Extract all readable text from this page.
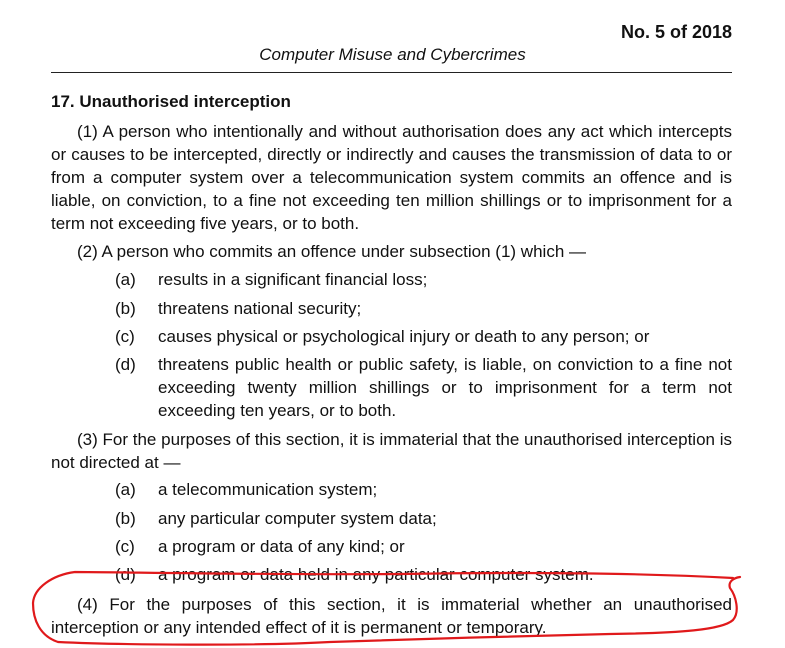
No. 5 of 2018
Computer Misuse and Cybercrimes
17. Unauthorised interception
(1) A person who intentionally and without authorisation does any act which intercepts or causes to be intercepted, directly or indirectly and causes the transmission of data to or from a computer system over a telecommunication system commits an offence and is liable, on conviction, to a fine not exceeding ten million shillings or to imprisonment for a term not exceeding five years, or to both.
(2) A person who commits an offence under subsection (1) which —
(a)	results in a significant financial loss;
(b)	threatens national security;
(c)	causes physical or psychological injury or death to any person; or
(d)	threatens public health or public safety, is liable, on conviction to a fine not exceeding twenty million shillings or to imprisonment for a term not exceeding ten years, or to both.
(3) For the purposes of this section, it is immaterial that the unauthorised interception is not directed at —
(a)	a telecommunication system;
(b)	any particular computer system data;
(c)	a program or data of any kind; or
(d)	a program or data held in any particular computer system.
(4) For the purposes of this section, it is immaterial whether an unauthorised interception or any intended effect of it is permanent or temporary.
